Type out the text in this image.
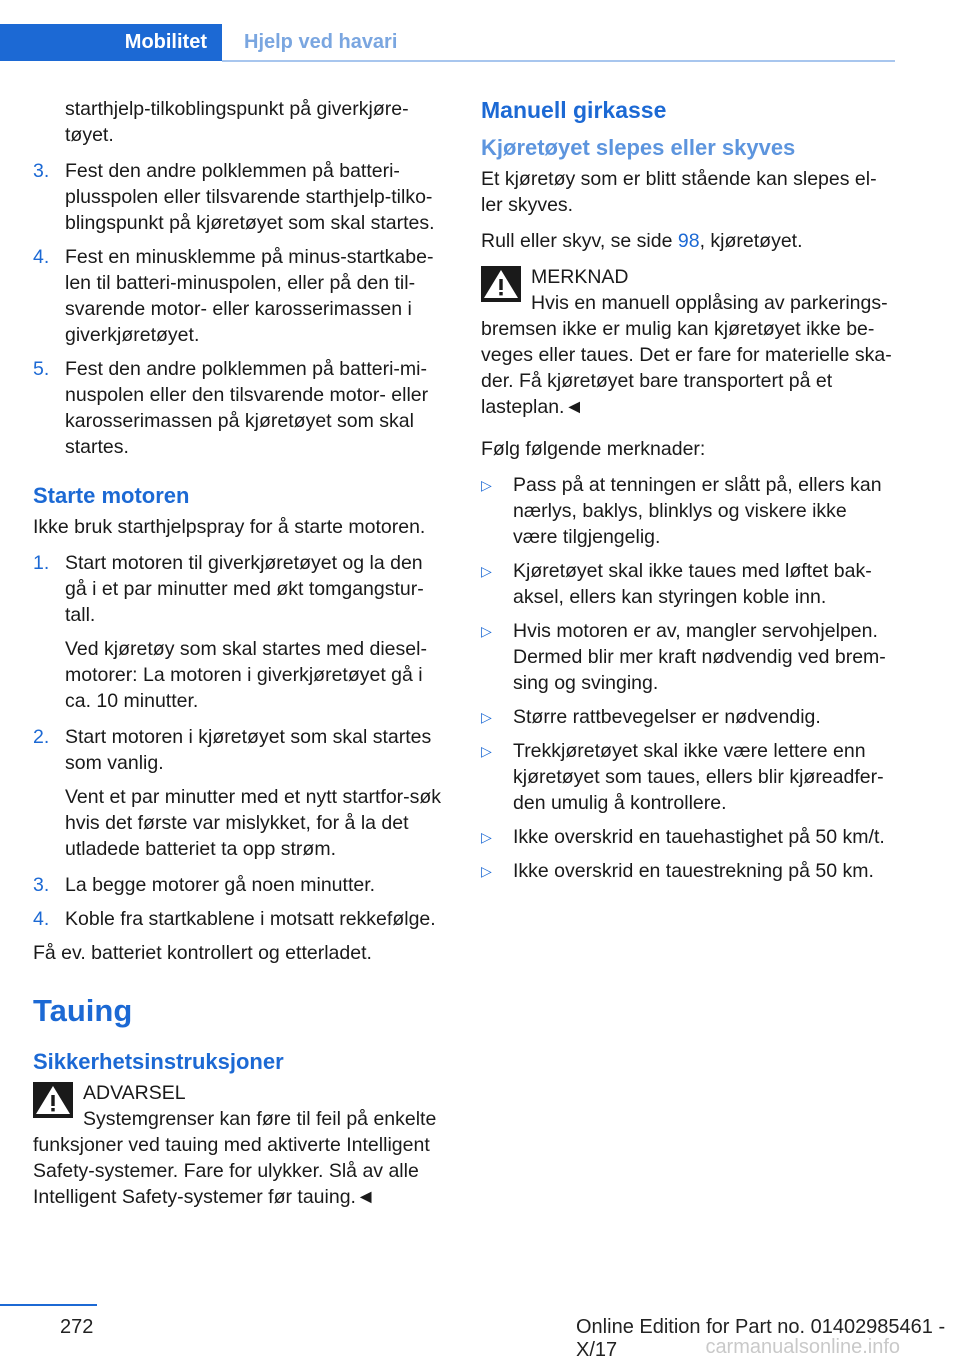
Mobilitet	Hjelp ved havari

starthjelp-tilkoblingspunkt på giverkjøre-tøyet.

3. Fest den andre polklemmen på batteri-plusspolen eller tilsvarende starthjelp-tilko-blingspunkt på kjøretøyet som skal startes.
4. Fest en minusklemme på minus-startkabe-len til batteri-minuspolen, eller på den til-svarende motor- eller karosserimassen i giverkjøretøyet.
5. Fest den andre polklemmen på batteri-mi-nuspolen eller den tilsvarende motor- eller karosserimassen på kjøretøyet som skal startes.
Starte motoren

Ikke bruk starthjelpspray for å starte motoren.

1. Start motoren til giverkjøretøyet og la den gå i et par minutter med økt tomgangstur-tall.

Ved kjøretøy som skal startes med diesel-motorer: La motoren i giverkjøretøyet gå i ca. 10 minutter.

2. Start motoren i kjøretøyet som skal startes som vanlig.

Vent et par minutter med et nytt startfor-søk hvis det første var mislykket, for å la det utladede batteriet ta opp strøm.

3. La begge motorer gå noen minutter.
4. Koble fra startkablene i motsatt rekkefølge.

Få ev. batteriet kontrollert og etterladet.

Tauing
Sikkerhetsinstruksjoner
ADVARSEL
Systemgrenser kan føre til feil på enkelte funksjoner ved tauing med aktiverte Intelligent Safety-systemer. Fare for ulykker. Slå av alle Intelligent Safety-systemer før tauing.◄
Manuell girkasse
Kjøretøyet slepes eller skyves

Et kjøretøy som er blitt stående kan slepes el-ler skyves.

Rull eller skyv, se side 98, kjøretøyet.

MERKNAD
Hvis en manuell opplåsing av parkerings-bremsen ikke er mulig kan kjøretøyet ikke be-veges eller taues. Det er fare for materielle ska-der. Få kjøretøyet bare transportert på et lasteplan.◄

Følg følgende merknader:

▷ Pass på at tenningen er slått på, ellers kan nærlys, baklys, blinklys og viskere ikke være tilgjengelig.
▷ Kjøretøyet skal ikke taues med løftet bak-aksel, ellers kan styringen koble inn.
▷ Hvis motoren er av, mangler servohjelpen. Dermed blir mer kraft nødvendig ved brem-sing og svinging.
▷ Større rattbevegelser er nødvendig.
▷ Trekkjøretøyet skal ikke være lettere enn kjøretøyet som taues, ellers blir kjøreadfer-den umulig å kontrollere.
▷ Ikke overskrid en tauehastighet på 50 km/t.
▷ Ikke overskrid en tauestrekning på 50 km.
272	Online Edition for Part no. 01402985461 - X/17	carmanualsonline.info
